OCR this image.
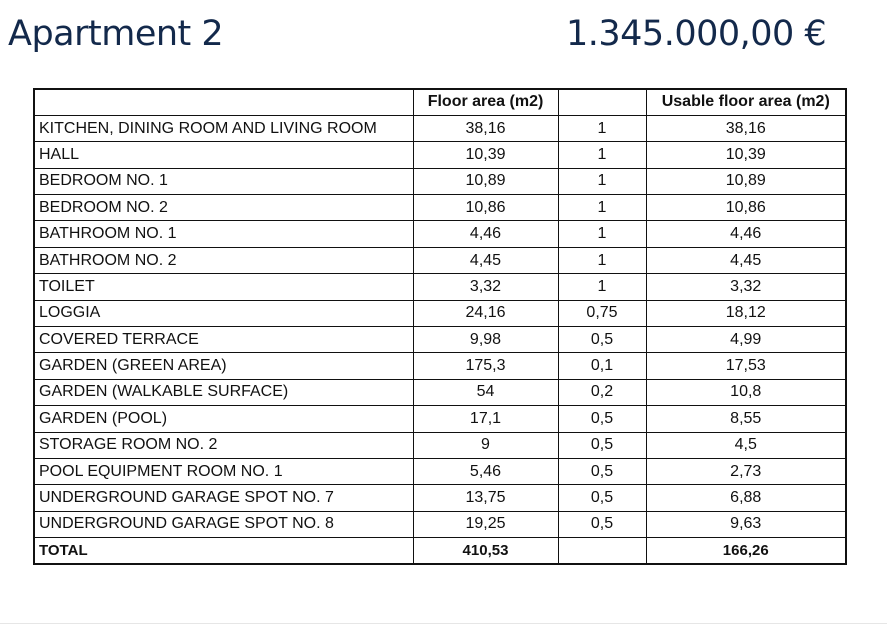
Apartment 2	1.345.000,00 €
	Floor area (m2)		Usable floor area (m2)
KITCHEN, DINING ROOM AND LIVING ROOM	38,16	1	38,16
HALL	10,39	1	10,39
BEDROOM NO. 1	10,89	1	10,89
BEDROOM NO. 2	10,86	1	10,86
BATHROOM NO. 1	4,46	1	4,46
BATHROOM NO. 2	4,45	1	4,45
TOILET	3,32	1	3,32
LOGGIA	24,16	0,75	18,12
COVERED TERRACE	9,98	0,5	4,99
GARDEN (GREEN AREA)	175,3	0,1	17,53
GARDEN (WALKABLE SURFACE)	54	0,2	10,8
GARDEN (POOL)	17,1	0,5	8,55
STORAGE ROOM NO. 2	9	0,5	4,5
POOL EQUIPMENT ROOM NO. 1	5,46	0,5	2,73
UNDERGROUND GARAGE SPOT NO. 7	13,75	0,5	6,88
UNDERGROUND GARAGE SPOT NO. 8	19,25	0,5	9,63
TOTAL	410,53		166,26
